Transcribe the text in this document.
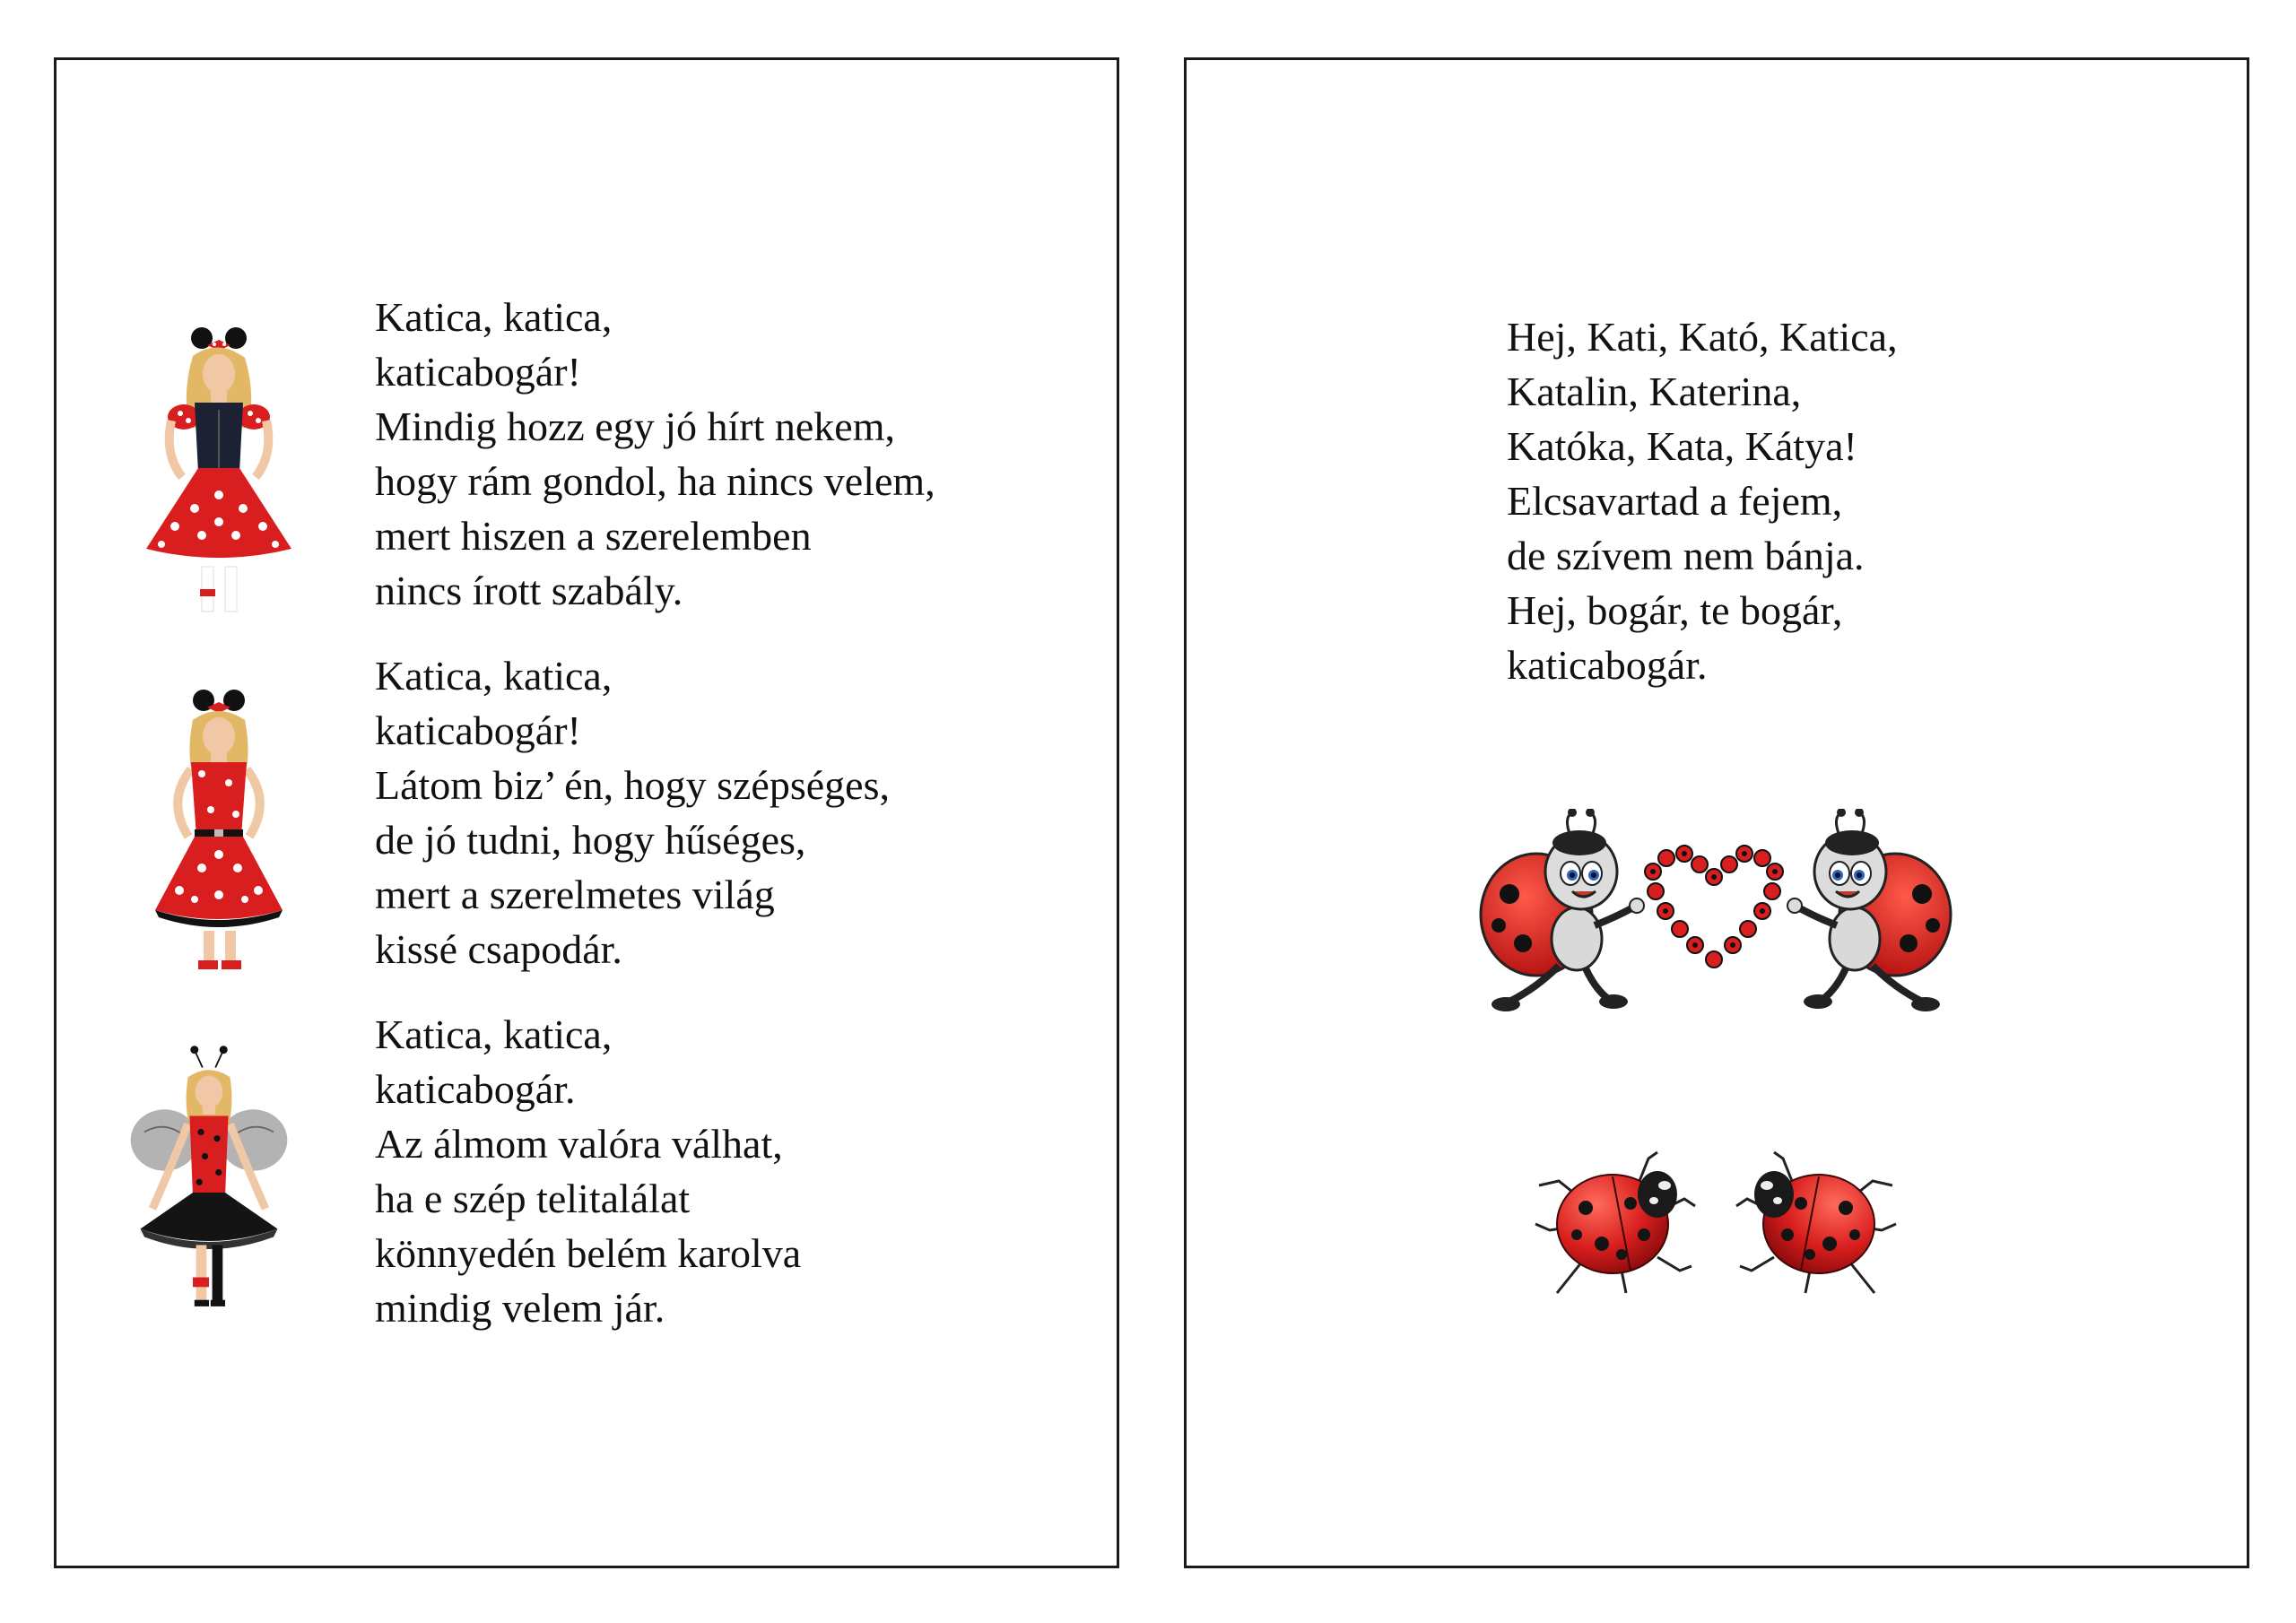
Katica, katica,
katicabogár!
Mindig hozz egy jó hírt nekem,
hogy rám gondol, ha nincs velem,
mert hiszen a szerelemben
nincs írott szabály.
Katica, katica,
katicabogár!
Látom biz’ én, hogy szépséges,
de jó tudni, hogy hűséges,
mert a szerelmetes világ
kissé csapodár.
Katica, katica,
katicabogár.
Az álmom valóra válhat,
ha e szép telitalálat
könnyedén belém karolva
mindig velem jár.
Hej, Kati, Kató, Katica,
Katalin, Katerina,
Katóka, Kata, Kátya!
Elcsavartad a fejem,
de szívem nem bánja.
Hej, bogár, te bogár,
katicabogár.
